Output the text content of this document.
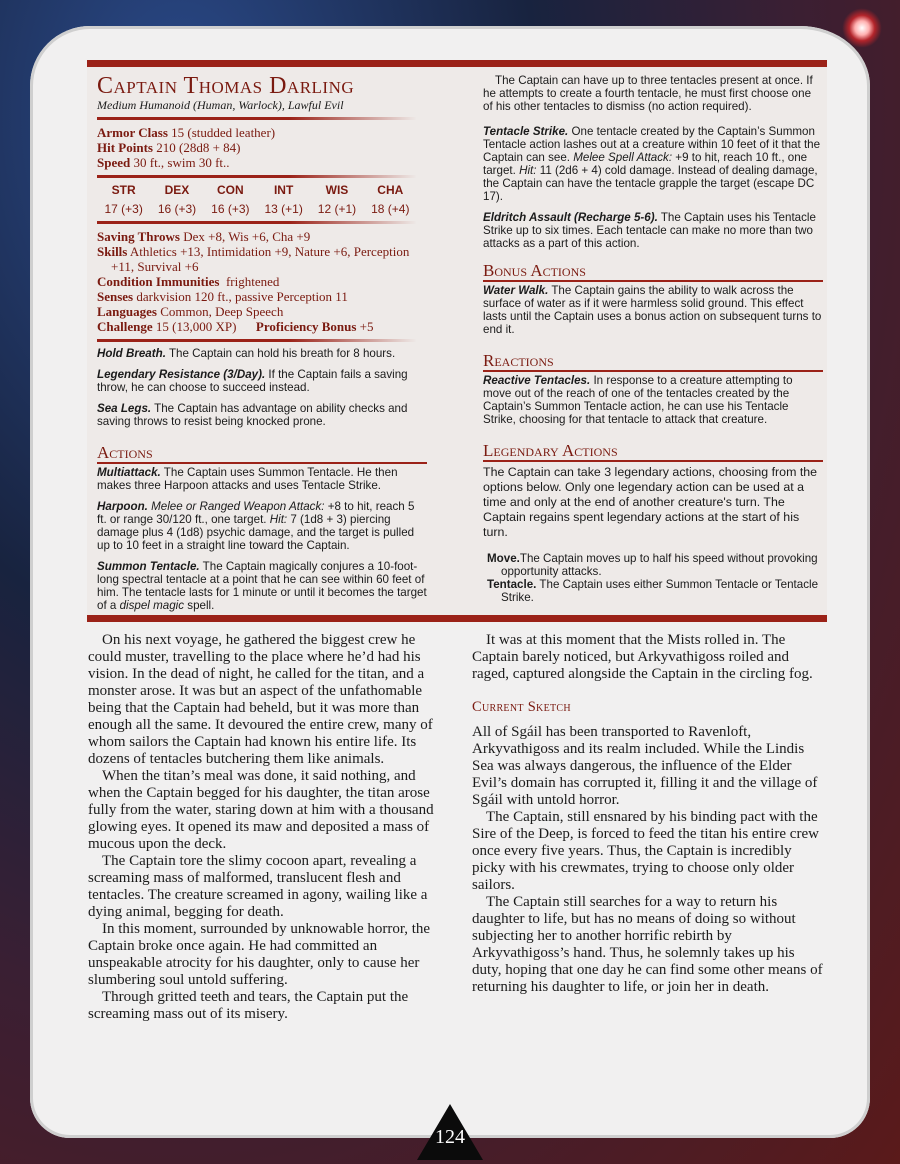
Captain Thomas Darling
Medium Humanoid (Human, Warlock), Lawful Evil
Armor Class 15 (studded leather)
Hit Points 210 (28d8 + 84)
Speed 30 ft., swim 30 ft..
STR	DEX	CON	INT	WIS	CHA
17 (+3)	16 (+3)	16 (+3)	13 (+1)	12 (+1)	18 (+4)
Saving Throws Dex +8, Wis +6, Cha +9
Skills Athletics +13, Intimidation +9, Nature +6, Perception +11, Survival +6
Condition Immunities frightened
Senses darkvision 120 ft., passive Perception 11
Languages Common, Deep Speech
Challenge 15 (13,000 XP) Proficiency Bonus +5
Hold Breath. The Captain can hold his breath for 8 hours.
Legendary Resistance (3/Day). If the Captain fails a saving throw, he can choose to succeed instead.
Sea Legs. The Captain has advantage on ability checks and saving throws to resist being knocked prone.
Actions
Multiattack. The Captain uses Summon Tentacle. He then makes three Harpoon attacks and uses Tentacle Strike.
Harpoon. Melee or Ranged Weapon Attack: +8 to hit, reach 5 ft. or range 30/120 ft., one target. Hit: 7 (1d8 + 3) piercing damage plus 4 (1d8) psychic damage, and the target is pulled up to 10 feet in a straight line toward the Captain.
Summon Tentacle. The Captain magically conjures a 10-foot-long spectral tentacle at a point that he can see within 60 feet of him. The tentacle lasts for 1 minute or until it becomes the target of a dispel magic spell.
The Captain can have up to three tentacles present at once. If he attempts to create a fourth tentacle, he must first choose one of his other tentacles to dismiss (no action required).
Tentacle Strike. One tentacle created by the Captain’s Summon Tentacle action lashes out at a creature within 10 feet of it that the Captain can see. Melee Spell Attack: +9 to hit, reach 10 ft., one target. Hit: 11 (2d6 + 4) cold damage. Instead of dealing damage, the Captain can have the tentacle grapple the target (escape DC 17).
Eldritch Assault (Recharge 5-6). The Captain uses his Tentacle Strike up to six times. Each tentacle can make no more than two attacks as a part of this action.
Bonus Actions
Water Walk. The Captain gains the ability to walk across the surface of water as if it were harmless solid ground. This effect lasts until the Captain uses a bonus action on subsequent turns to end it.
Reactions
Reactive Tentacles. In response to a creature attempting to move out of the reach of one of the tentacles created by the Captain’s Summon Tentacle action, he can use his Tentacle Strike, choosing for that tentacle to attack that creature.
Legendary Actions
The Captain can take 3 legendary actions, choosing from the options below. Only one legendary action can be used at a time and only at the end of another creature's turn. The Captain regains spent legendary actions at the start of his turn.
Move.The Captain moves up to half his speed without provoking opportunity attacks.
Tentacle. The Captain uses either Summon Tentacle or Tentacle Strike.

On his next voyage, he gathered the biggest crew he could muster, travelling to the place where he’d had his vision. In the dead of night, he called for the titan, and a monster arose. It was but an aspect of the unfathomable being that the Captain had beheld, but it was more than enough all the same. It devoured the entire crew, many of whom sailors the Captain had known his entire life. Its dozens of tentacles butchering them like animals.

When the titan’s meal was done, it said nothing, and when the Captain begged for his daughter, the titan arose fully from the water, staring down at him with a thousand glowing eyes. It opened its maw and deposited a mass of mucous upon the deck.

The Captain tore the slimy cocoon apart, revealing a screaming mass of malformed, translucent flesh and tentacles. The creature screamed in agony, wailing like a dying animal, begging for death.

In this moment, surrounded by unknowable horror, the Captain broke once again. He had committed an unspeakable atrocity for his daughter, only to cause her slumbering soul untold suffering.

Through gritted teeth and tears, the Captain put the screaming mass out of its misery.

It was at this moment that the Mists rolled in. The Captain barely noticed, but Arkyvathigoss roiled and raged, captured alongside the Captain in the circling fog.

Current Sketch

All of Sgáil has been transported to Ravenloft, Arkyvathigoss and its realm included. While the Lindis Sea was always dangerous, the influence of the Elder Evil’s domain has corrupted it, filling it and the village of Sgáil with untold horror.

The Captain, still ensnared by his binding pact with the Sire of the Deep, is forced to feed the titan his entire crew once every five years. Thus, the Captain is incredibly picky with his crewmates, trying to choose only older sailors.

The Captain still searches for a way to return his daughter to life, but has no means of doing so without subjecting her to another horrific rebirth by Arkyvathigoss’s hand. Thus, he solemnly takes up his duty, hoping that one day he can find some other means of returning his daughter to life, or join her in death.

124
